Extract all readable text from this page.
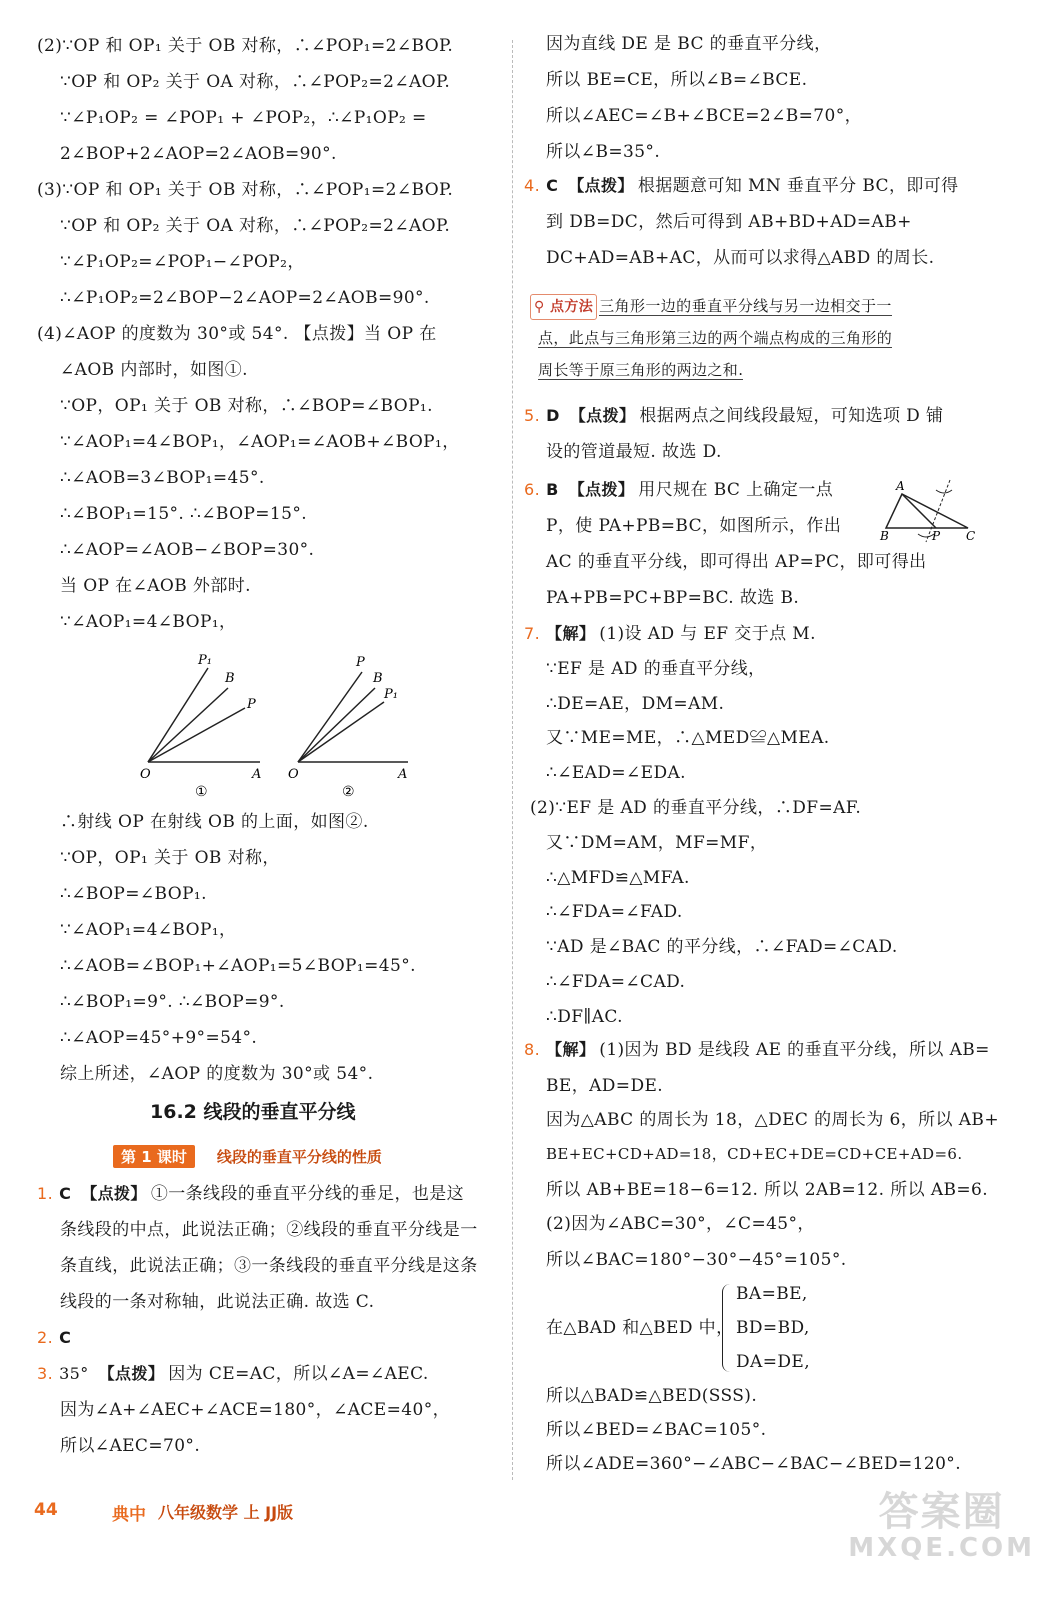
P₁
B
P
O	A
①
P
B
P₁
O	A
②
16.2 线段的垂直平分线
第 1 课时	线段的垂直平分线的性质
1. C 【点拨】 ①一条线段的垂直平分线的垂足，也是这
条线段的中点，此说法正确；②线段的垂直平分线是一
条直线，此说法正确；③一条线段的垂直平分线是这条
线段的一条对称轴，此说法正确. 故选 C.
2. C
3. 35° 【点拨】 因为 CE=AC，所以∠A=∠AEC.
因为∠A+∠AEC+∠ACE=180°，∠ACE=40°，
所以∠AEC=70°.
A
B	P C
在△BAD 和△BED 中，
BA=BE,
BD=BD,
DA=DE,
44	典中 八年级数学 上 JJ版	答案圈
MXQE.COM
(2)∵OP 和 OP₁ 关于 OB 对称，∴∠POP₁=2∠BOP.
∵OP 和 OP₂ 关于 OA 对称，∴∠POP₂=2∠AOP.
∵∠P₁OP₂ = ∠POP₁ + ∠POP₂，∴∠P₁OP₂ =
2∠BOP+2∠AOP=2∠AOB=90°.
(3)∵OP 和 OP₁ 关于 OB 对称，∴∠POP₁=2∠BOP.
∵OP 和 OP₂ 关于 OA 对称，∴∠POP₂=2∠AOP.
∵∠P₁OP₂=∠POP₁−∠POP₂，
∴∠P₁OP₂=2∠BOP−2∠AOP=2∠AOB=90°.
(4)∠AOP 的度数为 30°或 54°. 【点拨】当 OP 在
∠AOB 内部时，如图①.
∵OP，OP₁ 关于 OB 对称，∴∠BOP=∠BOP₁.
∵∠AOP₁=4∠BOP₁，∠AOP₁=∠AOB+∠BOP₁，
∴∠AOB=3∠BOP₁=45°.
∴∠BOP₁=15°. ∴∠BOP=15°.
∴∠AOP=∠AOB−∠BOP=30°.
当 OP 在∠AOB 外部时.
∵∠AOP₁=4∠BOP₁，
∴射线 OP 在射线 OB 的上面，如图②.
∵OP，OP₁ 关于 OB 对称，
∴∠BOP=∠BOP₁.
∵∠AOP₁=4∠BOP₁，
∴∠AOB=∠BOP₁+∠AOP₁=5∠BOP₁=45°.
∴∠BOP₁=9°. ∴∠BOP=9°.
∴∠AOP=45°+9°=54°.
综上所述，∠AOP 的度数为 30°或 54°.
因为直线 DE 是 BC 的垂直平分线，
所以 BE=CE，所以∠B=∠BCE.
所以∠AEC=∠B+∠BCE=2∠B=70°，
所以∠B=35°.
4. C 【点拨】 根据题意可知 MN 垂直平分 BC，即可得
到 DB=DC，然后可得到 AB+BD+AD=AB+
DC+AD=AB+AC，从而可以求得△ABD 的周长.
⚲ 点方法 三角形一边的垂直平分线与另一边相交于一
点，此点与三角形第三边的两个端点构成的三角形的
周长等于原三角形的两边之和.
5. D 【点拨】 根据两点之间线段最短，可知选项 D 铺
设的管道最短. 故选 D.
6. B 【点拨】 用尺规在 BC 上确定一点
P，使 PA+PB=BC，如图所示，作出
AC 的垂直平分线，即可得出 AP=PC，即可得出
PA+PB=PC+BP=BC. 故选 B.
7. 【解】 (1)设 AD 与 EF 交于点 M.
∵EF 是 AD 的垂直平分线，
∴DE=AE，DM=AM.
又∵ME=ME，∴△MED≌△MEA.
∴∠EAD=∠EDA.
(2)∵EF 是 AD 的垂直平分线，∴DF=AF.
又∵DM=AM，MF=MF，
∴△MFD≌△MFA.
∴∠FDA=∠FAD.
∵AD 是∠BAC 的平分线，∴∠FAD=∠CAD.
∴∠FDA=∠CAD.
∴DF∥AC.
8. 【解】 (1)因为 BD 是线段 AE 的垂直平分线，所以 AB=
BE，AD=DE.
因为△ABC 的周长为 18，△DEC 的周长为 6，所以 AB+
BE+EC+CD+AD=18，CD+EC+DE=CD+CE+AD=6.
所以 AB+BE=18−6=12. 所以 2AB=12. 所以 AB=6.
(2)因为∠ABC=30°，∠C=45°，
所以∠BAC=180°−30°−45°=105°.
所以△BAD≌△BED(SSS).
所以∠BED=∠BAC=105°.
所以∠ADE=360°−∠ABC−∠BAC−∠BED=120°.
